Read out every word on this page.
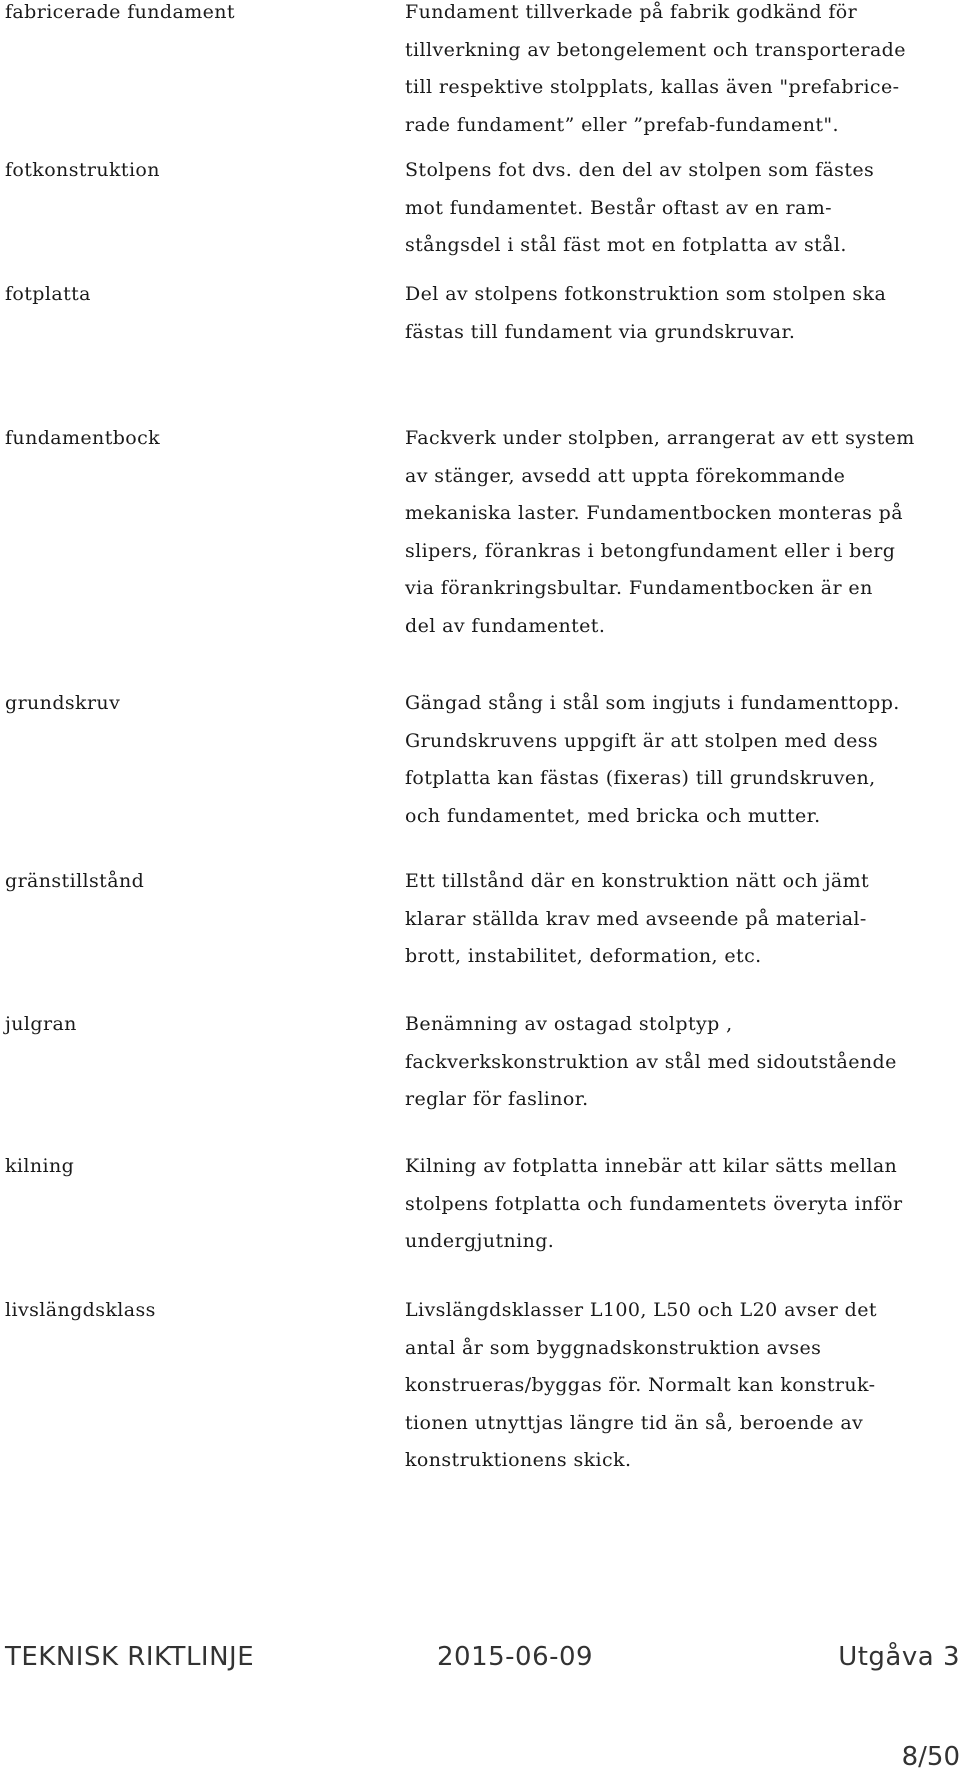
fabricerade fundament	Fundament tillverkade på fabrik godkänd för
tillverkning av betongelement och transporterade
till respektive stolpplats, kallas även "prefabrice-
rade fundament” eller ”prefab-fundament".
fotkonstruktion	Stolpens fot dvs. den del av stolpen som fästes
mot fundamentet. Består oftast av en ram-
stångsdel i stål fäst mot en fotplatta av stål.
fotplatta	Del av stolpens fotkonstruktion som stolpen ska
fästas till fundament via grundskruvar.
fundamentbock	Fackverk under stolpben, arrangerat av ett system
av stänger, avsedd att uppta förekommande
mekaniska laster. Fundamentbocken monteras på
slipers, förankras i betongfundament eller i berg
via förankringsbultar. Fundamentbocken är en
del av fundamentet.
grundskruv	Gängad stång i stål som ingjuts i fundamenttopp.
Grundskruvens uppgift är att stolpen med dess
fotplatta kan fästas (fixeras) till grundskruven,
och fundamentet, med bricka och mutter.
gränstillstånd	Ett tillstånd där en konstruktion nätt och jämt
klarar ställda krav med avseende på material-
brott, instabilitet, deformation, etc.
julgran	Benämning av ostagad stolptyp ,
fackverkskonstruktion av stål med sidoutstående
reglar för faslinor.
kilning	Kilning av fotplatta innebär att kilar sätts mellan
stolpens fotplatta och fundamentets överyta inför
undergjutning.
livslängdsklass	Livslängdsklasser L100, L50 och L20 avser det
antal år som byggnadskonstruktion avses
konstrueras/byggas för. Normalt kan konstruk-
tionen utnyttjas längre tid än så, beroende av
konstruktionens skick.
TEKNISK RIKTLINJE	2015-06-09	Utgåva 3
8/50
